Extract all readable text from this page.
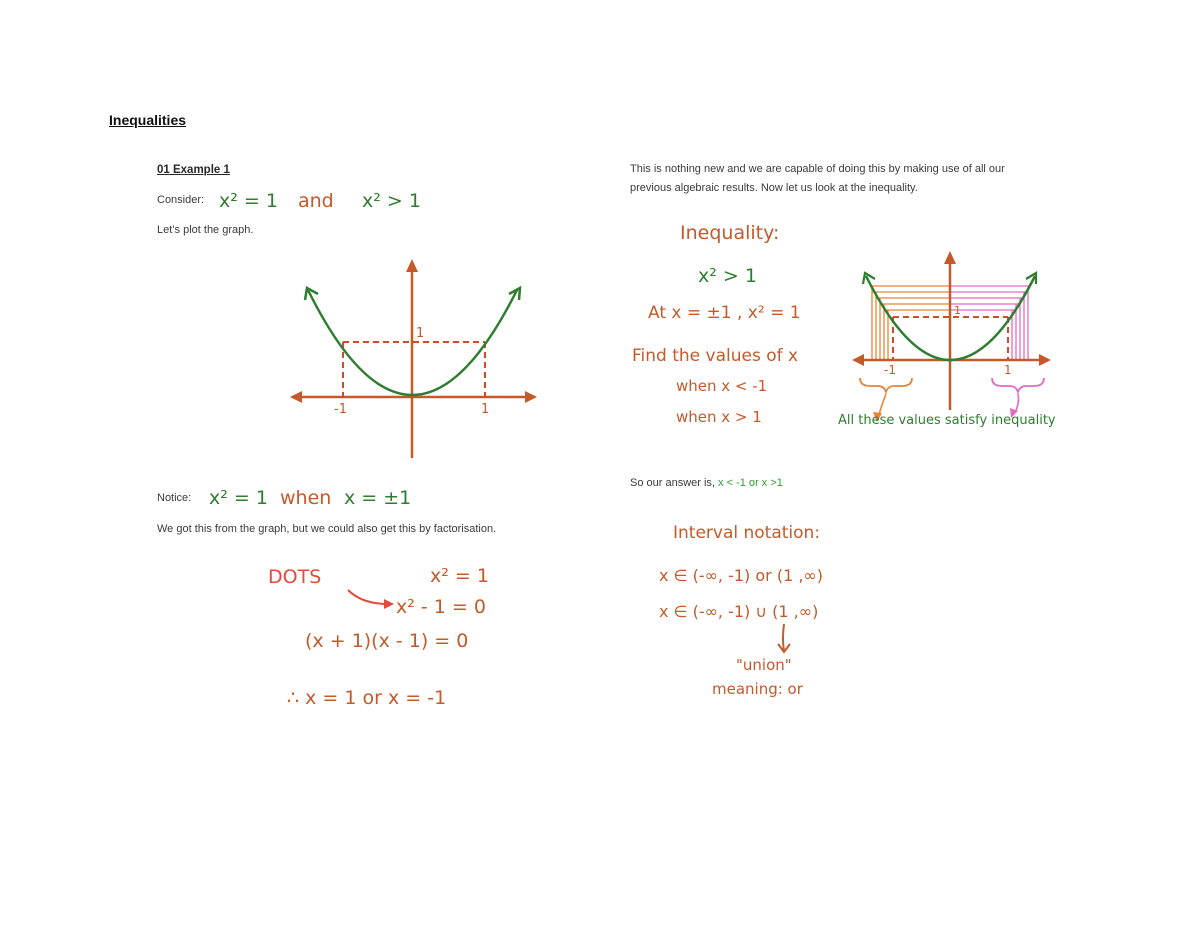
Inequalities
01 Example 1
Consider: x² = 1 and x² > 1
Let’s plot the graph.
1
-1	1
Notice: x² = 1 when x = ±1
We got this from the graph, but we could also get this by factorisation.
DOTS	x² = 1
x² - 1 = 0
(x + 1)(x - 1) = 0
∴ x = 1 or x = -1
This is nothing new and we are capable of doing this by making use of all our
previous algebraic results. Now let us look at the inequality.
Inequality:
x² > 1
At x = ±1 , x² = 1
Find the values of x
when x < -1
when x > 1
1
-1	1
All these values satisfy inequality
So our answer is, x < -1 or x >1
Interval notation:
x ∈ (-∞, -1) or (1 ,∞)
x ∈ (-∞, -1) ∪ (1 ,∞)
"union"
meaning: or
